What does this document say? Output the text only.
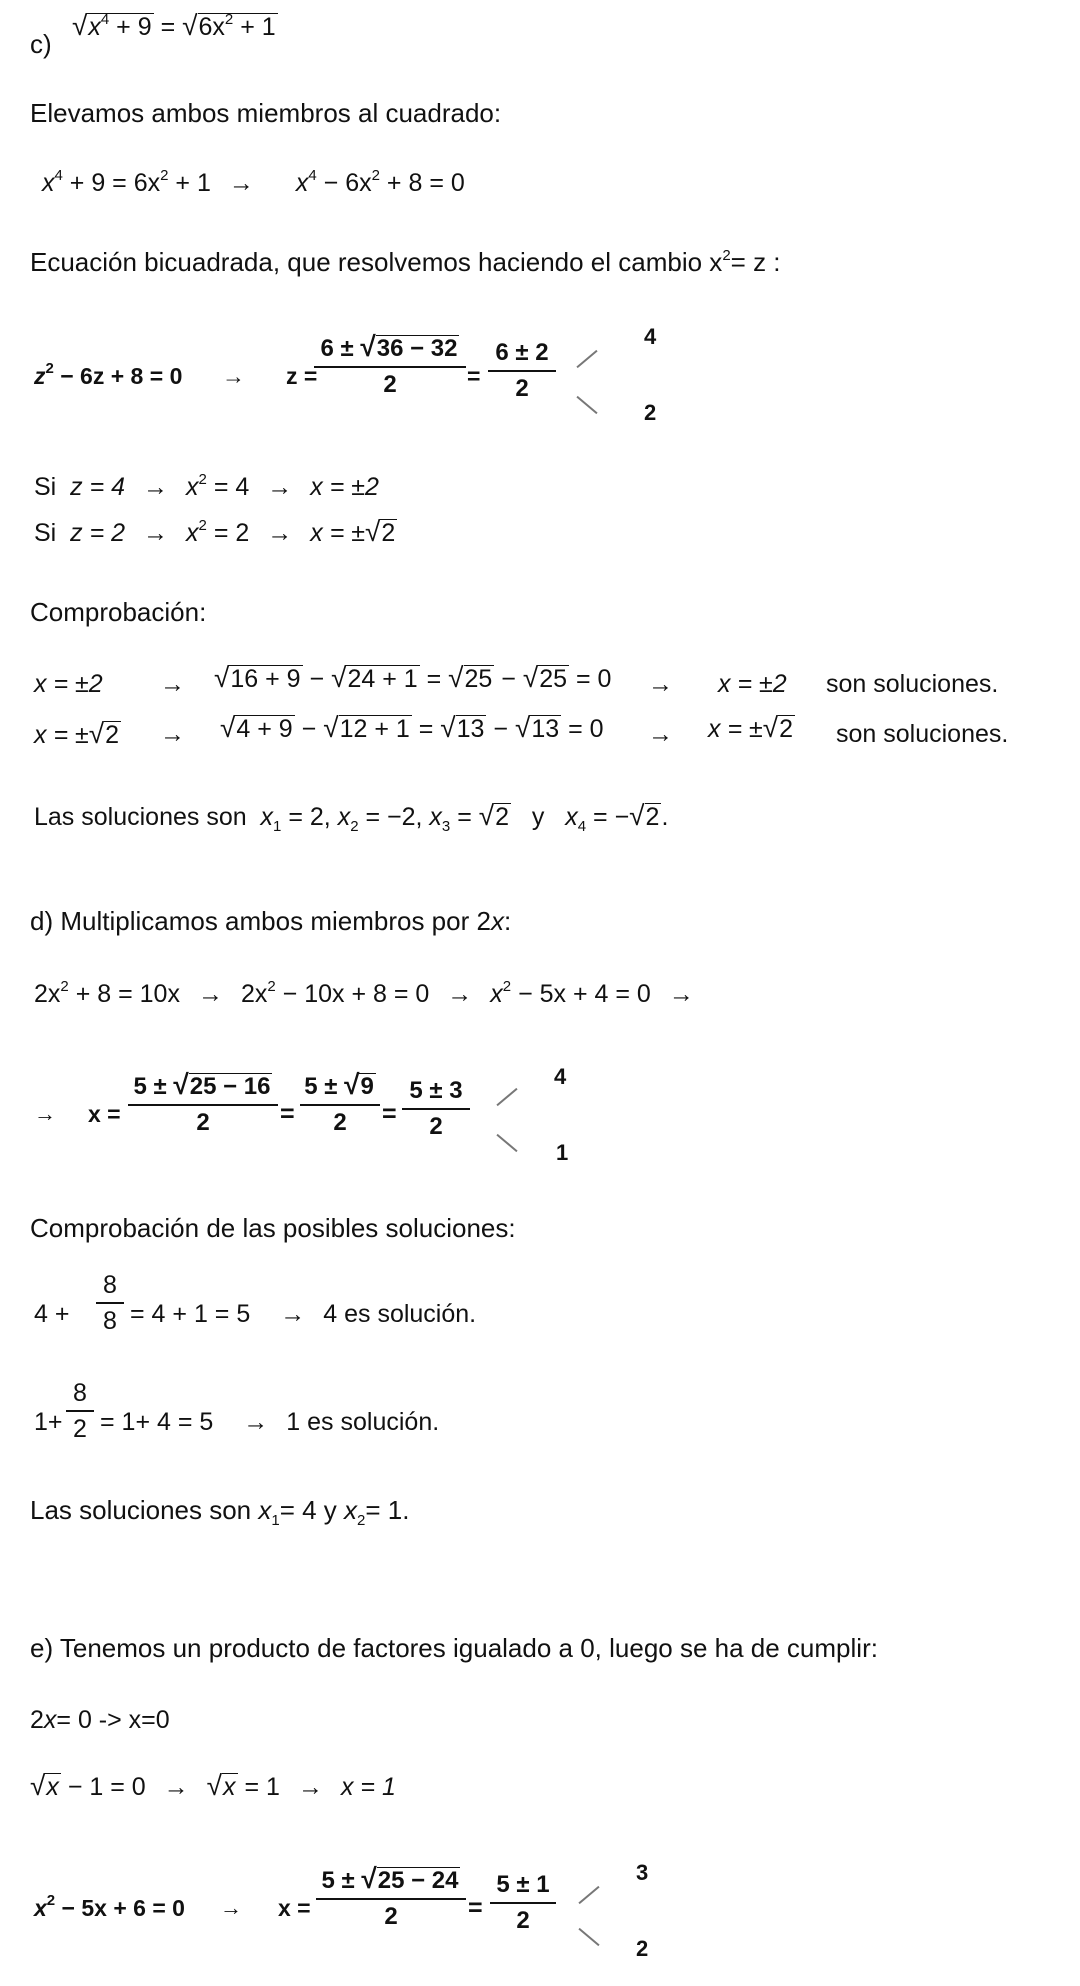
c)
$√x^4 + 9 = √6x^2 + 1$
Elevamos ambos miembros al cuadrado:
$x^4 + 9 = 6x^2 + 1 \to x^4 - 6x^2 + 8 = 0$
Ecuación bicuadrada, que resolvemos haciendo el cambio $x^2= z$ :
$z^2 - 6z + 8 = 0 \to z$ =
$\frac{6 \pm √36 - 32}{2} = \frac{6 \pm 2}{2}$
4
2
Si $z = 4 \to x^2 = 4 \to x = \pm 2$
Si $z = 2 \to x^2 = 2 \to x = \pm√2$
Comprobación:
x = ±2 → √16 + 9 − √24 + 1 = √25 − √25 = 0 → x = ±2 son soluciones.
x = ±√2 → √4 + 9 − √12 + 1 = √13 − √13 = 0 → x = ±√2 son soluciones.
Las soluciones son $x_1 = 2$, $x_2 = -2$, $x_3 = √2$ y $x_4 = -√2$.
d) Multiplicamos ambos miembros por 2x:
$2x^2 + 8 = 10x \to 2x^2 - 10x + 8 = 0 \to x^2 - 5x + 4 = 0$ →
→ $x = \frac{5 \pm √25 - 16}{2} = \frac{5 \pm √9}{2} = \frac{5 \pm 3}{2}$	4
1
Comprobación de las posibles soluciones:
$4 + \frac{8}{8} = 4 + 1 = 5 \to 4$ es solución.
$1+ \frac{8}{2} = 1+ 4 = 5 \to 1$ es solución.
Las soluciones son $x_1= 4$ y $x_2= 1$.
e) Tenemos un producto de factores igualado a 0, luego se ha de cumplir:
2x= 0 -> x=0
√x − 1 = 0 → √x = 1 → x = 1
$x^2 - 5x + 6 = 0 \to x = \frac{5 \pm √25 - 24}{2} = \frac{5 \pm 1}{2}$	3
2
